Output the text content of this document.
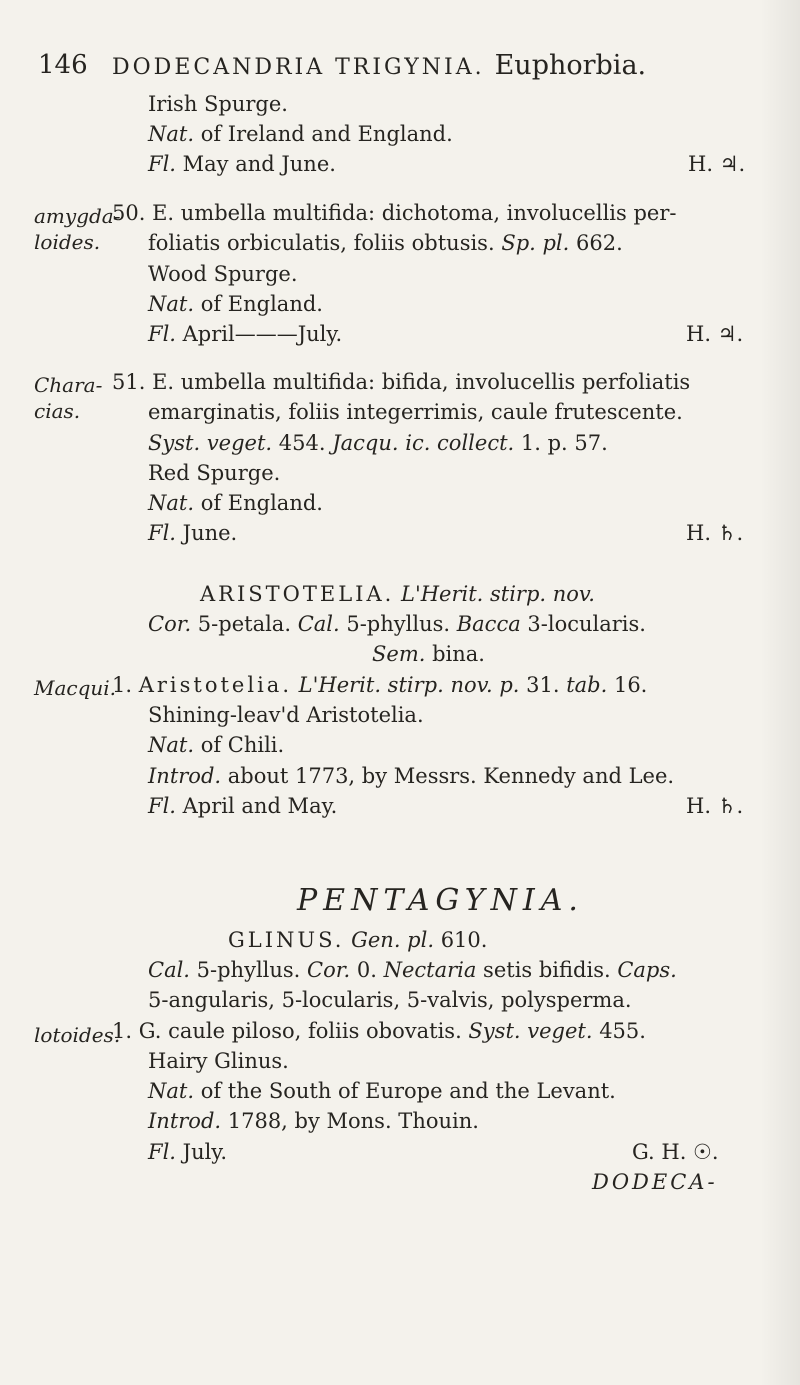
146 DODECANDRIA TRIGYNIA. Euphorbia.
Irish Spurge.
Nat. of Ireland and England.
Fl. May and June.	H. ♃.
amygda-
loides.
50. E. umbella multifida: dichotoma, involucellis per-
foliatis orbiculatis, foliis obtusis. Sp. pl. 662.
Wood Spurge.
Nat. of England.
Fl. April———July.	H. ♃.
Chara-
cias.
51. E. umbella multifida: bifida, involucellis perfoliatis
emarginatis, foliis integerrimis, caule frutescente.
Syst. veget. 454. Jacqu. ic. collect. 1. p. 57.
Red Spurge.
Nat. of England.
Fl. June.	H. ♄.
ARISTOTELIA. L'Herit. stirp. nov.
Cor. 5-petala. Cal. 5-phyllus. Bacca 3-locularis.
Sem. bina.
Macqui.
1. Aristotelia. L'Herit. stirp. nov. p. 31. tab. 16.
Shining-leav'd Aristotelia.
Nat. of Chili.
Introd. about 1773, by Messrs. Kennedy and Lee.
Fl. April and May.	H. ♄.
PENTAGYNIA.
GLINUS. Gen. pl. 610.
Cal. 5-phyllus. Cor. 0. Nectaria setis bifidis. Caps.
5-angularis, 5-locularis, 5-valvis, polyspermа.
lotoides.
1. G. caule pilosо, foliis obovatis. Syst. veget. 455.
Hairy Glinus.
Nat. of the South of Europe and the Levant.
Introd. 1788, by Mons. Thouin.
Fl. July.	G. H. ☉.
DODECA-
